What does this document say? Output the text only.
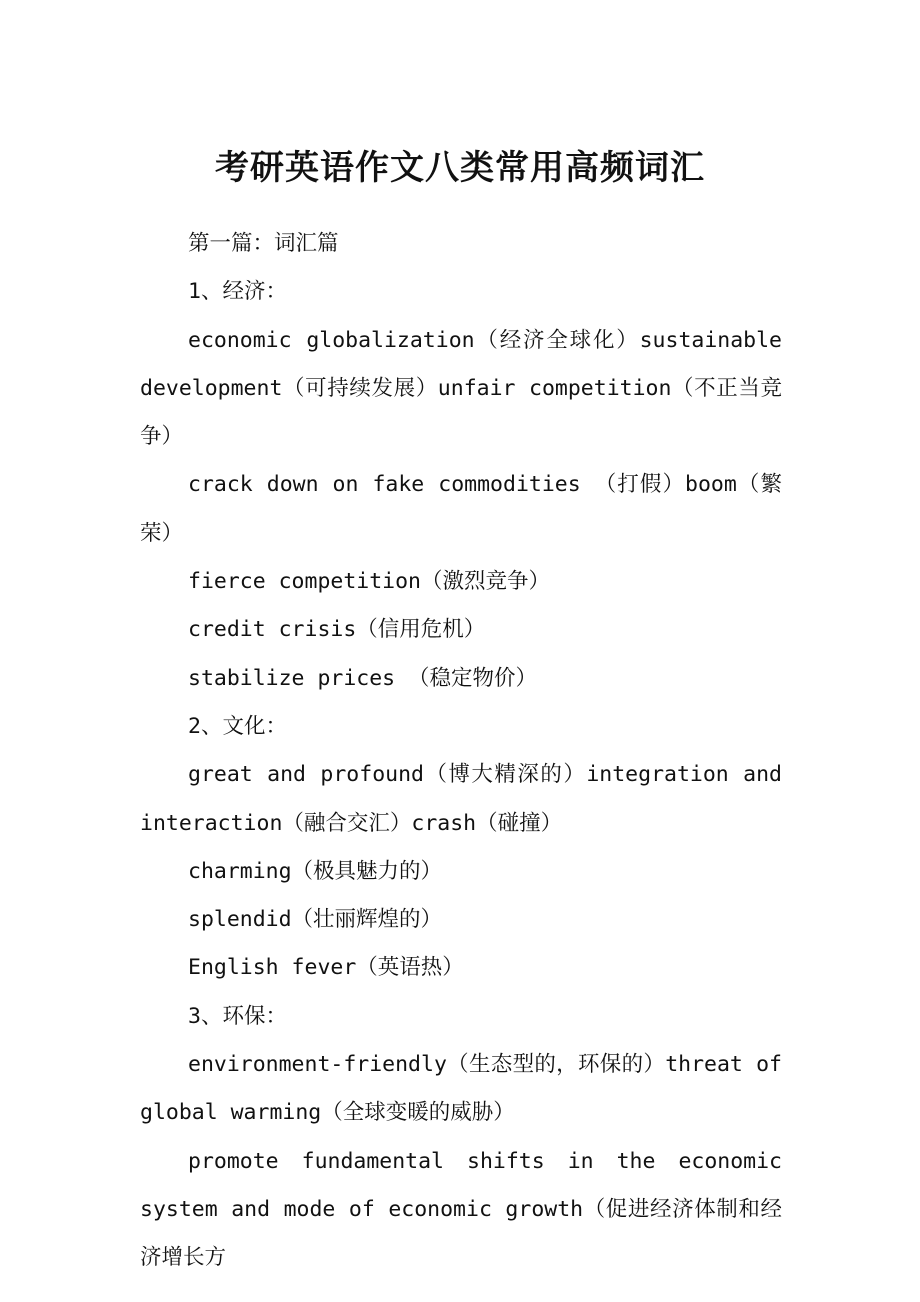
考研英语作文八类常用高频词汇

第一篇：词汇篇

1、经济：

economic globalization（经济全球化）sustainable development（可持续发展）unfair competition（不正当竞争）

crack down on fake commodities （打假）boom（繁荣）

fierce competition（激烈竞争）

credit crisis（信用危机）

stabilize prices （稳定物价）

2、文化：

great and profound（博大精深的）integration and interaction（融合交汇）crash（碰撞）

charming（极具魅力的）

splendid（壮丽辉煌的）

English fever（英语热）

3、环保：

environment-friendly（生态型的，环保的）threat of global warming（全球变暖的威胁）

promote fundamental shifts in the economic system and mode of economic growth（促进经济体制和经济增长方
